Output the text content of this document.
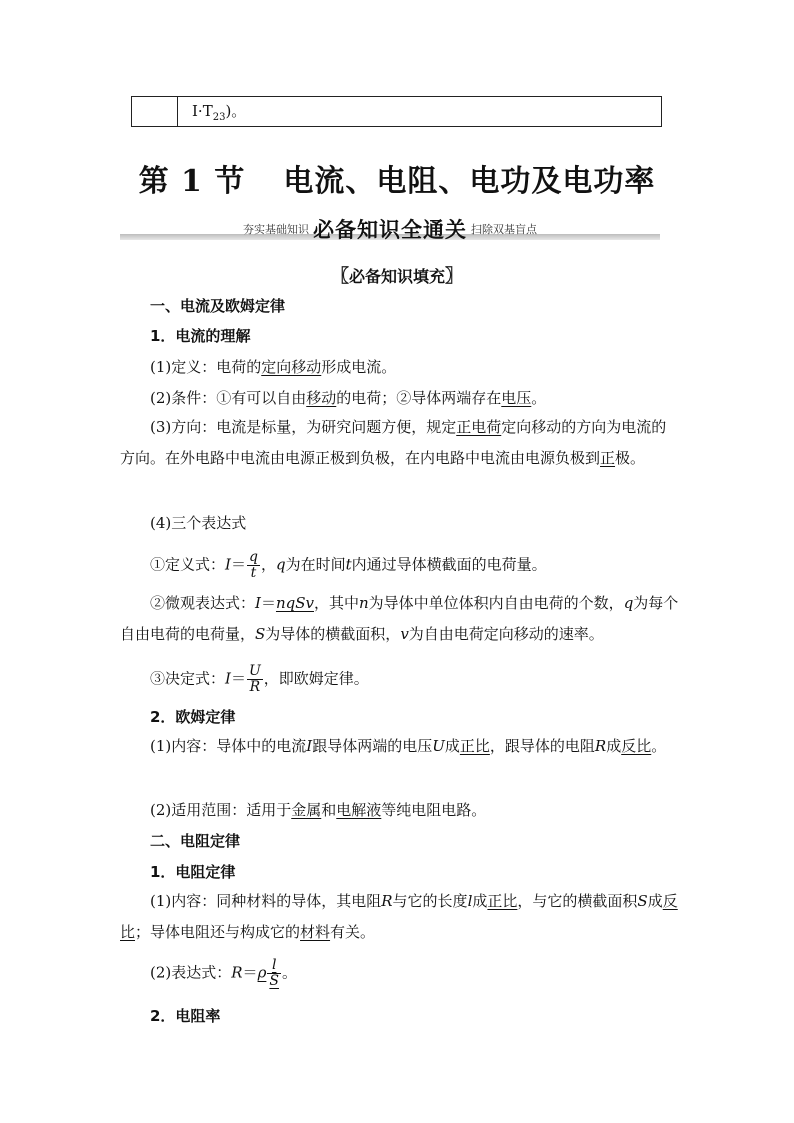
$Ⅰ\cdot T_{23}$)。
第 1 节 电流、电阻、电功及电功率
夯实基础知识 必备知识全通关 扫除双基盲点
〖必备知识填充〗
一、电流及欧姆定律
1．电流的理解
(1)定义：电荷的定向移动形成电流。
(2)条件：①有可以自由移动的电荷；②导体两端存在电压。
(3)方向：电流是标量，为研究问题方便，规定正电荷定向移动的方向为电流的方向。在外电路中电流由电源正极到负极，在内电路中电流由电源负极到正极。
(4)三个表达式
①定义式：$I= \frac{q}{t}$ ，q为在时间t内通过导体横截面的电荷量。
②微观表达式：I＝nqSv，其中n为导体中单位体积内自由电荷的个数，q为每个自由电荷的电荷量，S为导体的横截面积，v为自由电荷定向移动的速率。
③决定式：$I= \frac{U}{R}$ ，即欧姆定律。
2．欧姆定律
(1)内容：导体中的电流I跟导体两端的电压U成正比，跟导体的电阻R成反比。
(2)适用范围：适用于金属和电解液等纯电阻电路。
二、电阻定律
1．电阻定律
(1)内容：同种材料的导体，其电阻R与它的长度l成正比，与它的横截面积S成反比；导体电阻还与构成它的材料有关。
(2)表达式：$R=\rho \frac{l}{S}$ 。
2．电阻率
